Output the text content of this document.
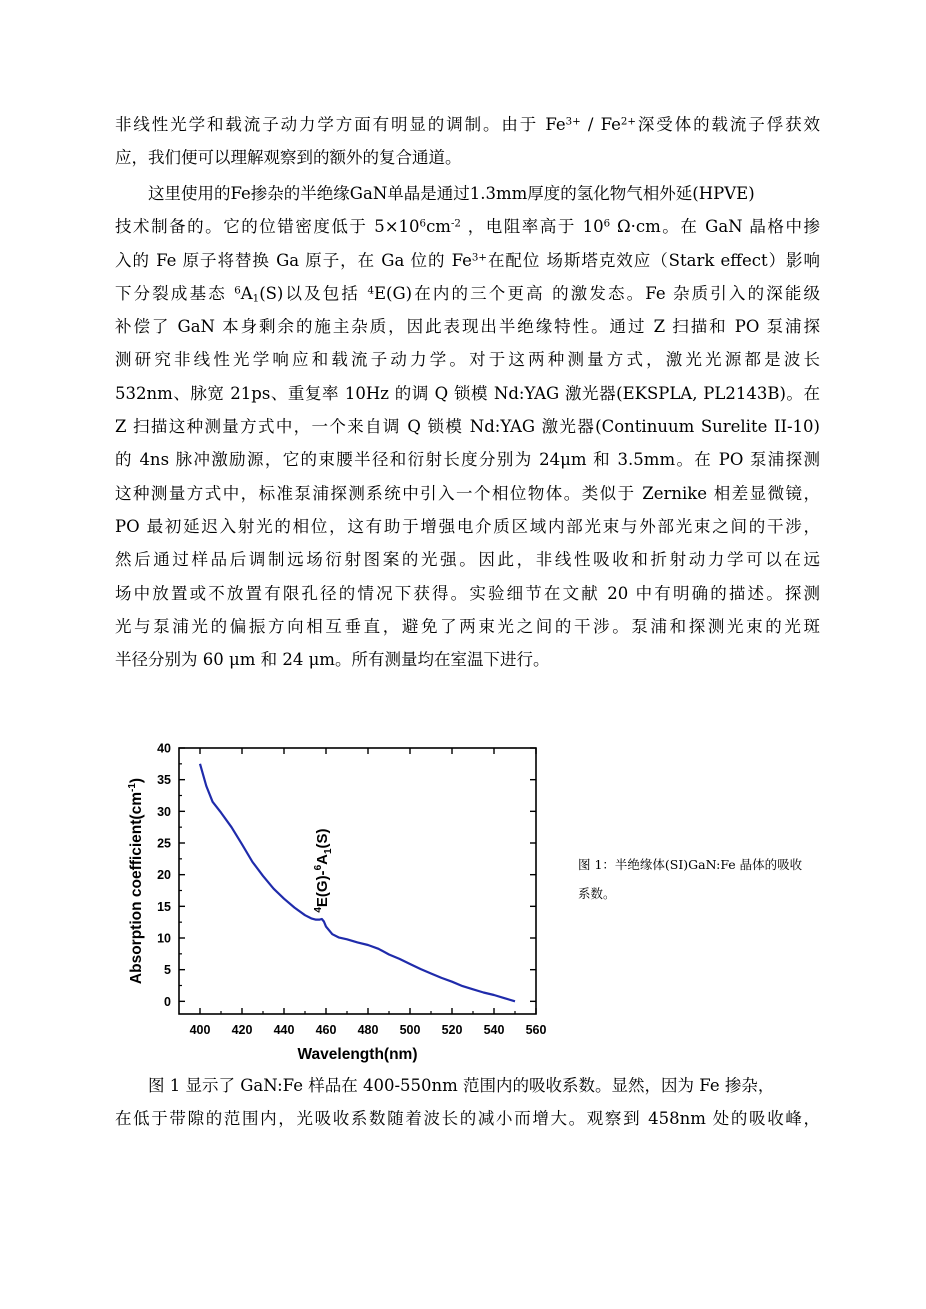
非线性光学和载流子动力学方面有明显的调制。由于 $Fe^{3+} / Fe^{2+}$深受体的载流子俘获效
应，我们便可以理解观察到的额外的复合通道。
这里使用的Fe掺杂的半绝缘GaN单晶是通过1.3mm厚度的氢化物气相外延(HPVE)
技术制备的。它的位错密度低于 $5\times 10^6cm^{-2}$ ，电阻率高于 $10^6$ Ω·cm。在 GaN 晶格中掺
入的 Fe 原子将替换 Ga 原子，在 Ga 位的 $Fe^{3+}$在配位 场斯塔克效应（Stark effect）影响
下分裂成基态 $^6A_1(S)$以及包括 $^4$E(G)在内的三个更高 的激发态。Fe 杂质引入的深能级
补偿了 GaN 本身剩余的施主杂质，因此表现出半绝缘特性。通过 Z 扫描和 PO 泵浦探
测研究非线性光学响应和载流子动力学。对于这两种测量方式，激光光源都是波长
532nm、脉宽 21ps、重复率 10Hz 的调 Q 锁模 Nd:YAG 激光器(EKSPLA, PL2143B)。在
Z 扫描这种测量方式中，一个来自调 Q 锁模 Nd:YAG 激光器(Continuum Surelite II-10)
的 4ns 脉冲激励源，它的束腰半径和衍射长度分别为 24μm 和 3.5mm。在 PO 泵浦探测
这种测量方式中，标准泵浦探测系统中引入一个相位物体。类似于 Zernike 相差显微镜，
PO 最初延迟入射光的相位，这有助于增强电介质区域内部光束与外部光束之间的干涉，
然后通过样品后调制远场衍射图案的光强。因此，非线性吸收和折射动力学可以在远
场中放置或不放置有限孔径的情况下获得。实验细节在文献 20 中有明确的描述。探测
光与泵浦光的偏振方向相互垂直，避免了两束光之间的干涉。泵浦和探测光束的光斑
半径分别为 60 μm 和 24 μm。所有测量均在室温下进行。
400 420 440 460 480 500 520 540 560
0
5
10
15
20
25
30
35
40
Wavelength(nm)
Absorption $coefficient(cm^{-1})$
$^4E(G)-^6A_1(S)$
图 1：半绝缘体(SI)GaN:Fe 晶体的吸收
系数。
图 1 显示了 GaN:Fe 样品在 400-550nm 范围内的吸收系数。显然，因为 Fe 掺杂，
在低于带隙的范围内，光吸收系数随着波长的减小而增大。观察到 458nm 处的吸收峰，
